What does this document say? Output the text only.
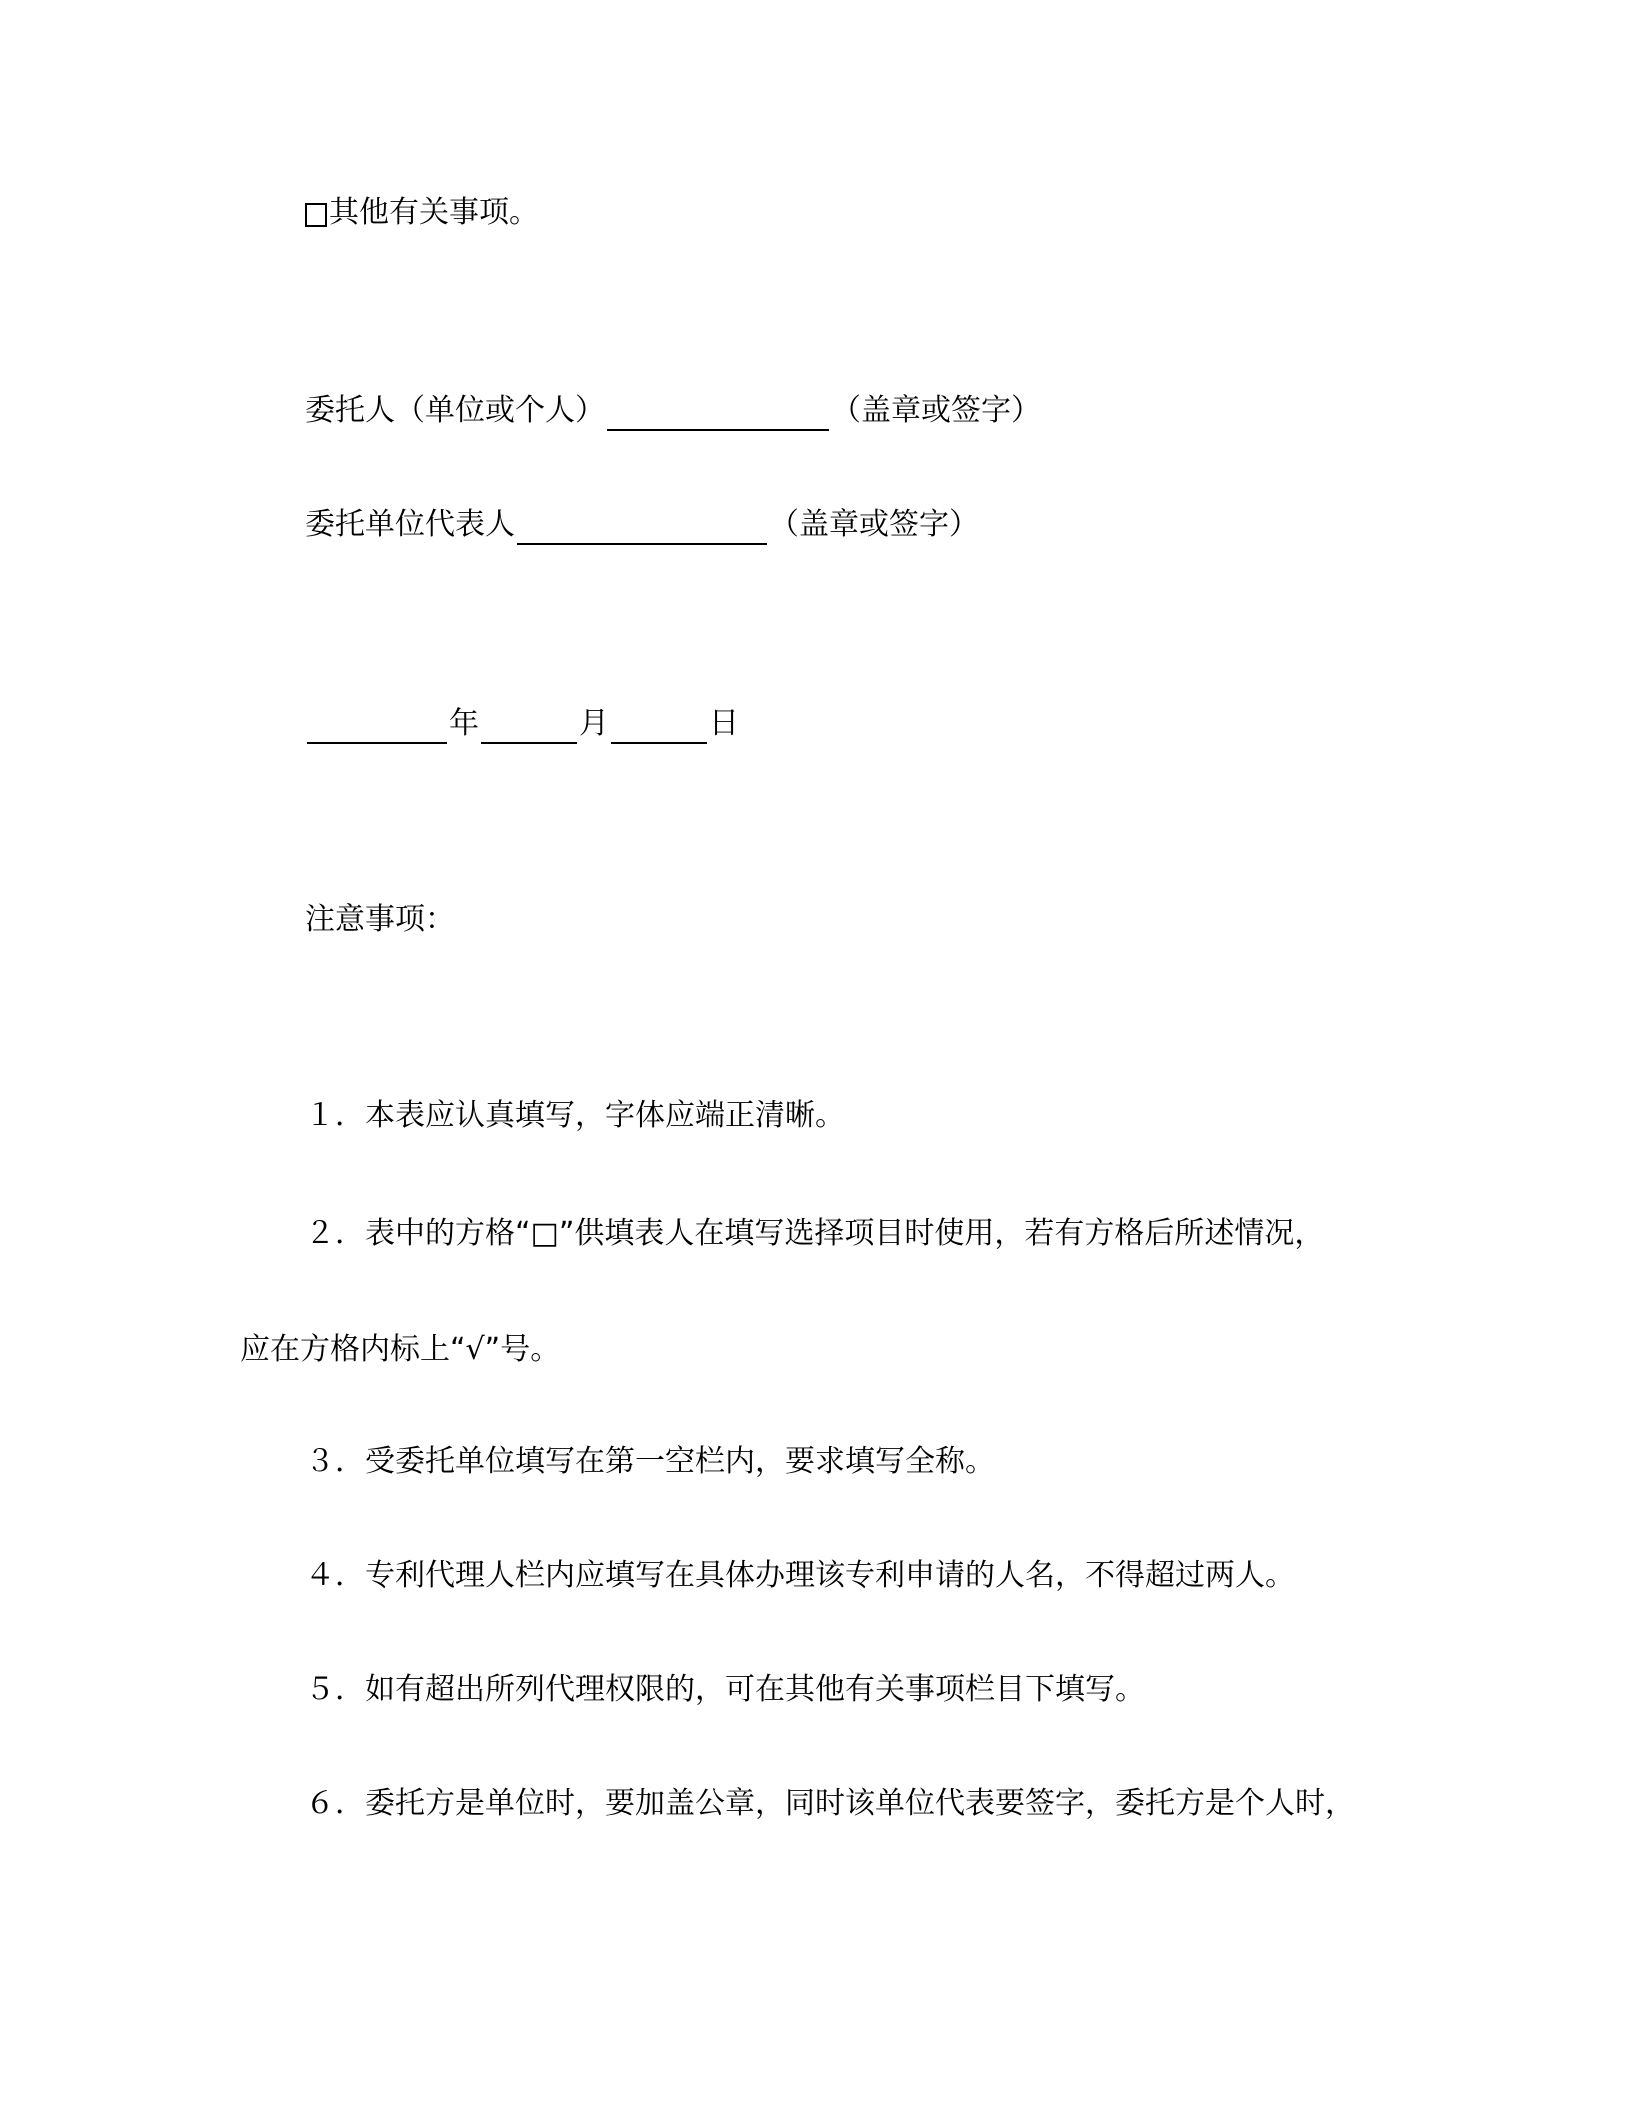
其他有关事项。
委托人（单位或个人）	（盖章或签字）
委托单位代表人	（盖章或签字）
年	月	日
注意事项：
１．本表应认真填写，字体应端正清晰。
２．表中的方格“□”供填表人在填写选择项目时使用，若有方格后所述情况，
应在方格内标上“√”号。
３．受委托单位填写在第一空栏内，要求填写全称。
４．专利代理人栏内应填写在具体办理该专利申请的人名，不得超过两人。
５．如有超出所列代理权限的，可在其他有关事项栏目下填写。
６．委托方是单位时，要加盖公章，同时该单位代表要签字，委托方是个人时，
